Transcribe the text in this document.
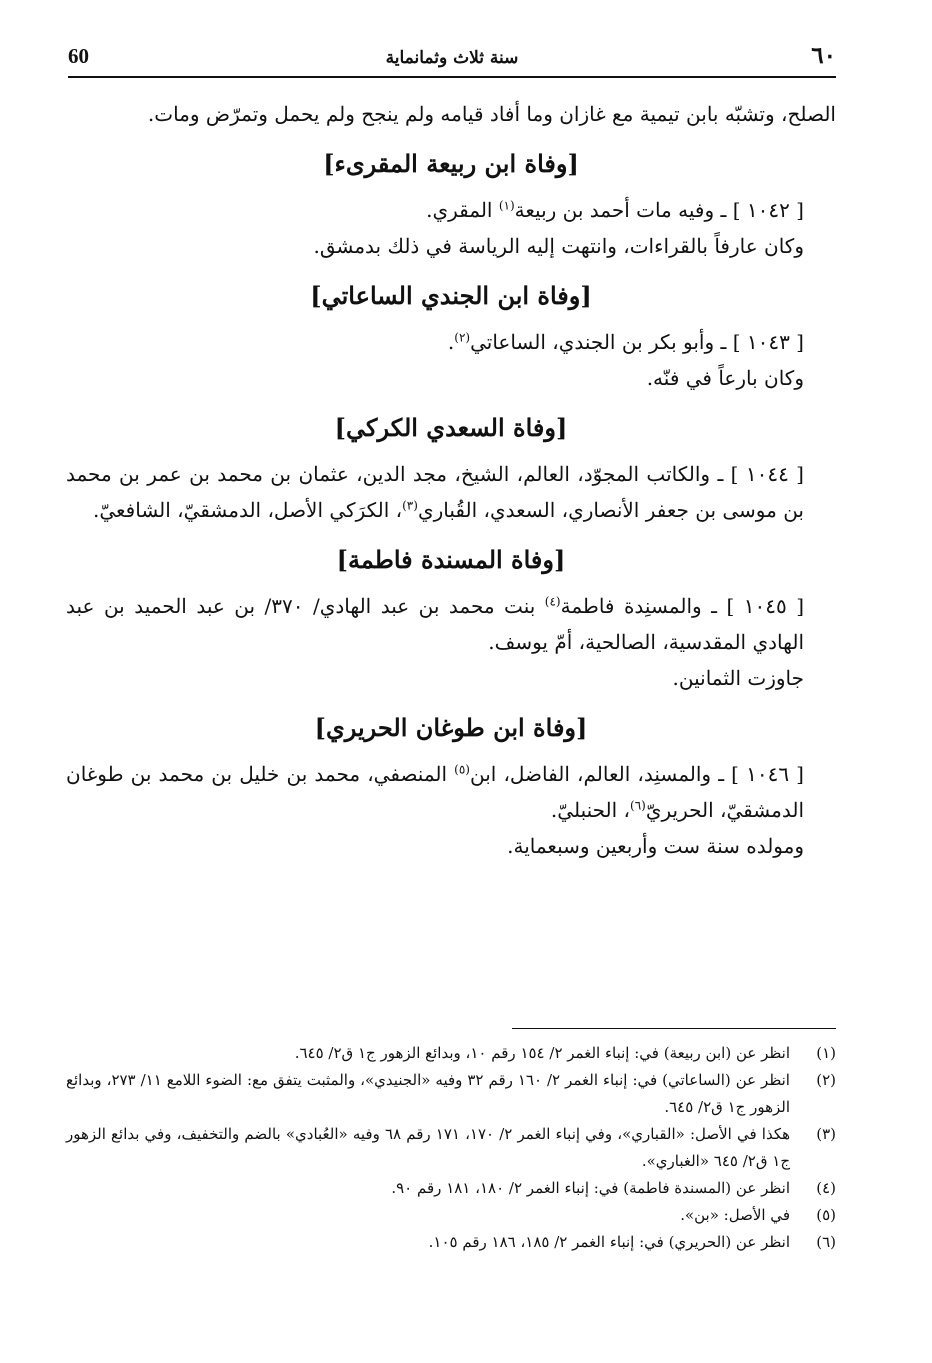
60	سنة ثلاث وثمانماية	٦٠

الصلح، وتشبّه بابن تيمية مع غازان وما أفاد قيامه ولم ينجح ولم يحمل وتمرّض ومات.

[وفاة ابن ربيعة المقرىء]

[ ١٠٤٢ ] ـ وفيه مات أحمد بن ربيعة$^{(١)}$ المقري.

وكان عارفاً بالقراءات، وانتهت إليه الرياسة في ذلك بدمشق.

[وفاة ابن الجندي الساعاتي]

[ ١٠٤٣ ] ـ وأبو بكر بن الجندي، الساعاتي$^{(٢)}$.

وكان بارعاً في فنّه.

[وفاة السعدي الكركي]

[ ١٠٤٤ ] ـ والكاتب المجوّد، العالم، الشيخ، مجد الدين، عثمان بن محمد بن عمر بن محمد بن موسى بن جعفر الأنصاري، السعدي، القُباري$^{(٣)}$، الكرَكي الأصل، الدمشقيّ، الشافعيّ.

[وفاة المسندة فاطمة]

[ ١٠٤٥ ] ـ والمسنِدة فاطمة$^{(٤)}$ بنت محمد بن عبد الهادي/ ٣٧٠/ بن عبد الحميد بن عبد الهادي المقدسية، الصالحية، أمّ يوسف.

جاوزت الثمانين.

[وفاة ابن طوغان الحريري]

[ ١٠٤٦ ] ـ والمسنِد، العالم، الفاضل، ابن$^{(٥)}$ المنصفي، محمد بن خليل بن محمد بن طوغان الدمشقيّ، الحريريّ$^{(٦)}$، الحنبليّ.

ومولده سنة ست وأربعين وسبعماية.

(١)
انظر عن (ابن ربيعة) في: إنباء الغمر ٢/ ١٥٤ رقم ١٠، وبدائع الزهور ج١ ق٢/ ٦٤٥.

(٢)
انظر عن (الساعاتي) في: إنباء الغمر ٢/ ١٦٠ رقم ٣٢ وفيه «الجنيدي»، والمثبت يتفق مع: الضوء اللامع ١١/ ٢٧٣، وبدائع الزهور ج١ ق٢/ ٦٤٥.

(٣)
هكذا في الأصل: «القباري»، وفي إنباء الغمر ٢/ ١٧٠، ١٧١ رقم ٦٨ وفيه «العُبادي» بالضم والتخفيف، وفي بدائع الزهور ج١ ق٢/ ٦٤٥ «الغباري».

(٤)
انظر عن (المسندة فاطمة) في: إنباء الغمر ٢/ ١٨٠، ١٨١ رقم ٩٠.

(٥)
في الأصل: «بن».

(٦)
انظر عن (الحريري) في: إنباء الغمر ٢/ ١٨٥، ١٨٦ رقم ١٠٥.
